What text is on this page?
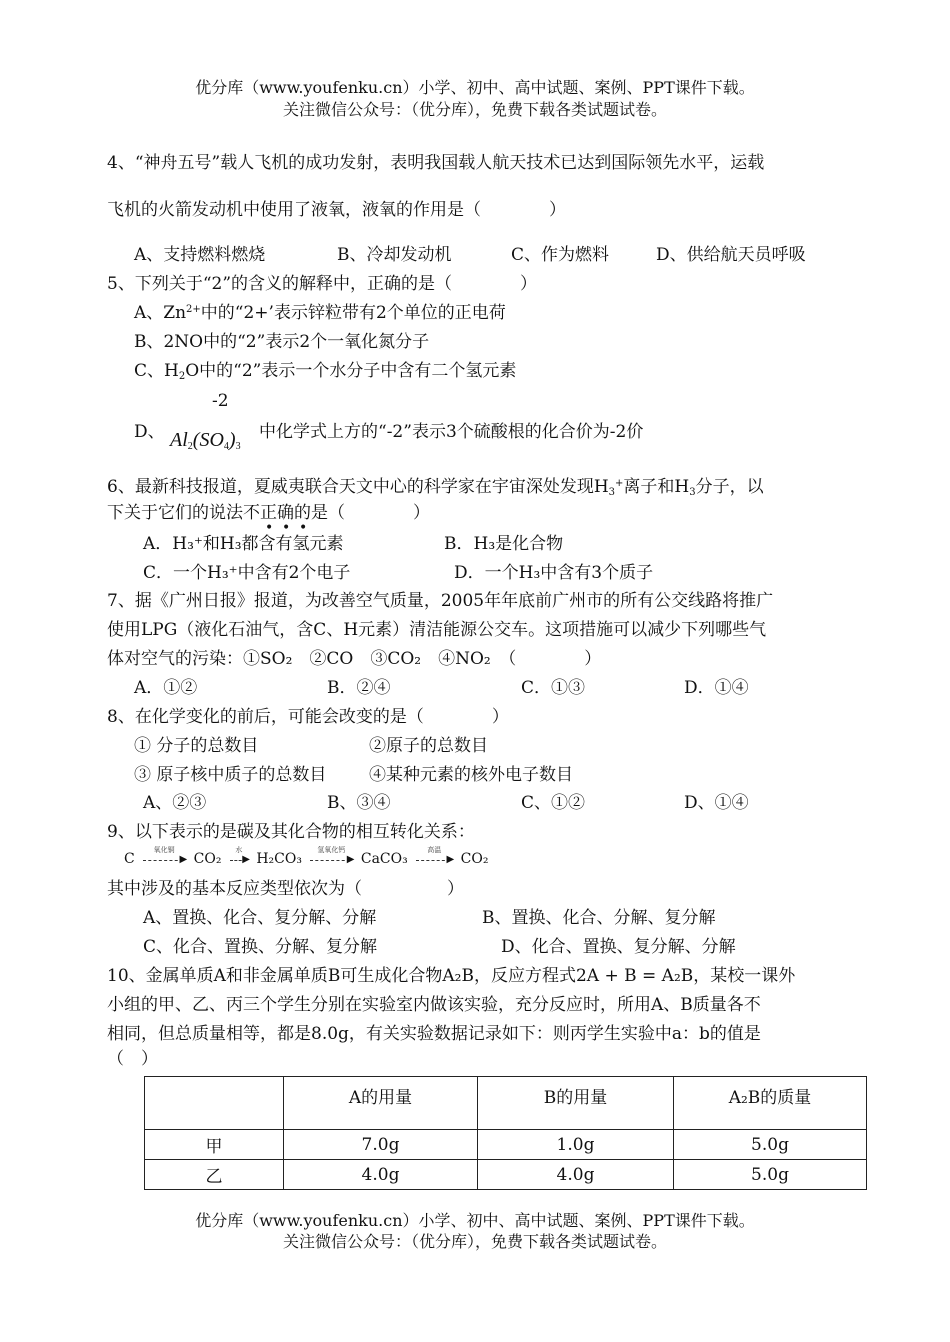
优分库（www.youfenku.cn）小学、初中、高中试题、案例、PPT课件下载。
关注微信公众号：（优分库），免费下载各类试题试卷。
4、“神舟五号”载人飞机的成功发射，表明我国载人航天技术已达到国际领先水平，运载
飞机的火箭发动机中使用了液氧，液氧的作用是（　　　　）
A、支持燃料燃烧	B、冷却发动机	C、作为燃料	D、供给航天员呼吸
5、下列关于“2”的含义的解释中，正确的是（　　　　）
A、$Zn^{2+}$中的“2+’表示锌粒带有2个单位的正电荷
B、2NO中的“2”表示2个一氧化氮分子
C、$H_2O$中的“2”表示一个水分子中含有二个氢元素
-2
D、 $Al_2(SO_4)_3$
中化学式上方的“-2”表示3个硫酸根的化合价为-2价
6、最新科技报道，夏威夷联合天文中心的科学家在宇宙深处发现$H_3^+$离子和$H_3$分子，以
• • •
下关于它们的说法不正确的是（　　　　）
A．H₃⁺和H₃都含有氢元素	B．H₃是化合物
C．一个H₃⁺中含有2个电子	D．一个H₃中含有3个质子
7、据《广州日报》报道，为改善空气质量，2005年年底前广州市的所有公交线路将推广
使用LPG（液化石油气，含C、H元素）清洁能源公交车。这项措施可以减少下列哪些气
体对空气的污染：①SO₂　②CO　③CO₂　④NO₂　（　　　　）
A．①②	B．②④	C．①③	D．①④
8、在化学变化的前后，可能会改变的是（　　　　）
① 分子的总数目	②原子的总数目
③ 原子核中质子的总数目	④某种元素的核外电子数目
A、②③	B、③④	C、①②	D、①④
9、以下表示的是碳及其化合物的相互转化关系：
C
氧化铜
▶ CO₂
水
▶ H₂CO₃
氢氧化钙
▶ CaCO₃
高温
▶ CO₂
其中涉及的基本反应类型依次为（　　　　　）
A、置换、化合、复分解、分解	B、置换、化合、分解、复分解
C、化合、置换、分解、复分解	D、化合、置换、复分解、分解
10、金属单质A和非金属单质B可生成化合物A₂B，反应方程式2A + B = A₂B，某校一课外
小组的甲、乙、丙三个学生分别在实验室内做该实验，充分反应时，所用A、B质量各不
相同，但总质量相等，都是8.0g，有关实验数据记录如下：则丙学生实验中a：b的值是
（　）
	A的用量	B的用量	A₂B的质量
甲	7.0g	1.0g	5.0g
乙	4.0g	4.0g	5.0g
优分库（www.youfenku.cn）小学、初中、高中试题、案例、PPT课件下载。
关注微信公众号：（优分库），免费下载各类试题试卷。
